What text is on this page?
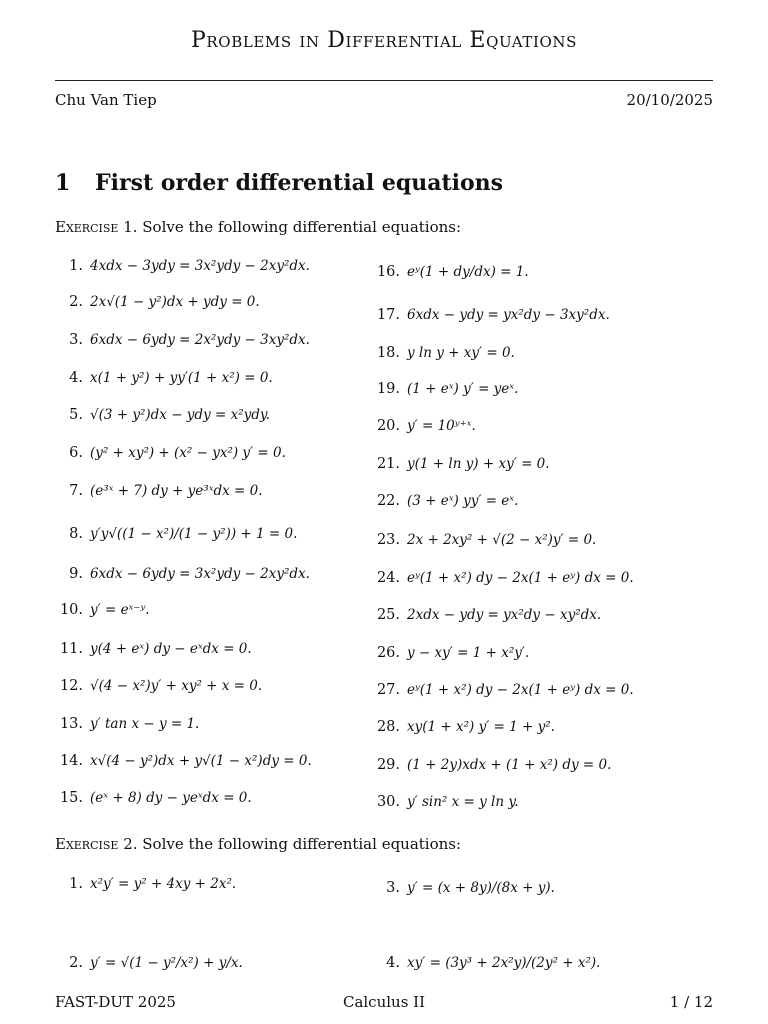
Problems in Differential Equations
Chu Van Tiep	20/10/2025
1 First order differential equations
Exercise 1. Solve the following differential equations:
1. 4xdx − 3ydy = 3x²ydy − 2xy²dx.
2. 2x√(1 − y²)dx + ydy = 0.
3. 6xdx − 6ydy = 2x²ydy − 3xy²dx.
4. x(1 + y²) + yy′(1 + x²) = 0.
5. √(3 + y²)dx − ydy = x²ydy.
6. (y² + xy²) + (x² − yx²) y′ = 0.
7. (e³ˣ + 7) dy + ye³ˣdx = 0.
8. y′y√((1 − x²)/(1 − y²)) + 1 = 0.
9. 6xdx − 6ydy = 3x²ydy − 2xy²dx.
10. y′ = eˣ⁻ʸ.
11. y(4 + eˣ) dy − eˣdx = 0.
12. √(4 − x²)y′ + xy² + x = 0.
13. y′ tan x − y = 1.
14. x√(4 − y²)dx + y√(1 − x²)dy = 0.
15. (eˣ + 8) dy − yeˣdx = 0.
16. eʸ(1 + dy/dx) = 1.
17. 6xdx − ydy = yx²dy − 3xy²dx.
18. y ln y + xy′ = 0.
19. (1 + eˣ) y′ = yeˣ.
20. y′ = 10ʸ⁺ˣ.
21. y(1 + ln y) + xy′ = 0.
22. (3 + eˣ) yy′ = eˣ.
23. 2x + 2xy² + √(2 − x²)y′ = 0.
24. eʸ(1 + x²) dy − 2x(1 + eʸ) dx = 0.
25. 2xdx − ydy = yx²dy − xy²dx.
26. y − xy′ = 1 + x²y′.
27. eʸ(1 + x²) dy − 2x(1 + eʸ) dx = 0.
28. xy(1 + x²) y′ = 1 + y².
29. (1 + 2y)xdx + (1 + x²) dy = 0.
30. y′ sin² x = y ln y.
Exercise 2. Solve the following differential equations:
1. x²y′ = y² + 4xy + 2x².
2. y′ = √(1 − y²/x²) + y/x.
3. y′ = (x + 8y)/(8x + y).
4. xy′ = (3y³ + 2x²y)/(2y² + x²).
FAST-DUT 2025	Calculus II	1 / 12
